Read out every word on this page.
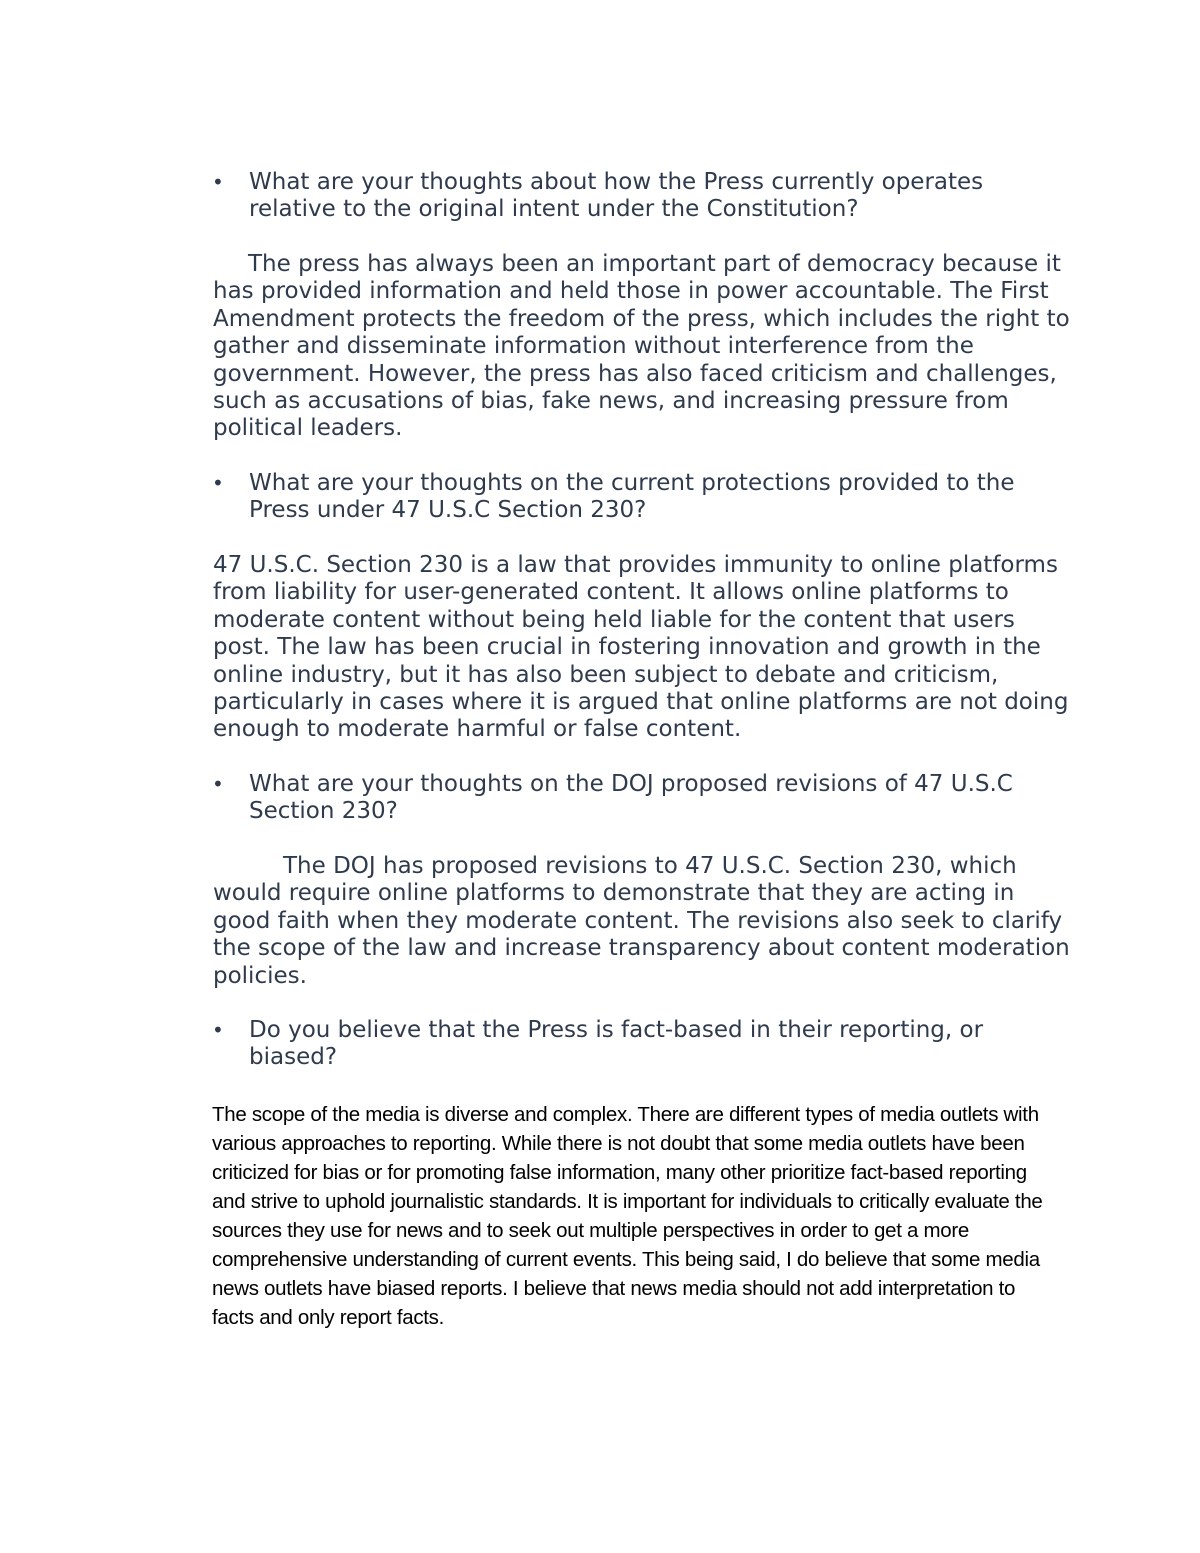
•	What are your thoughts about how the Press currently operates relative to the original intent under the Constitution?

The press has always been an important part of democracy because it has provided information and held those in power accountable. The First Amendment protects the freedom of the press, which includes the right to gather and disseminate information without interference from the government. However, the press has also faced criticism and challenges, such as accusations of bias, fake news, and increasing pressure from political leaders.

•	What are your thoughts on the current protections provided to the Press under 47 U.S.C Section 230?

47 U.S.C. Section 230 is a law that provides immunity to online platforms from liability for user-generated content. It allows online platforms to moderate content without being held liable for the content that users post. The law has been crucial in fostering innovation and growth in the online industry, but it has also been subject to debate and criticism, particularly in cases where it is argued that online platforms are not doing enough to moderate harmful or false content.

•	What are your thoughts on the DOJ proposed revisions of 47 U.S.C Section 230?

The DOJ has proposed revisions to 47 U.S.C. Section 230, which would require online platforms to demonstrate that they are acting in good faith when they moderate content. The revisions also seek to clarify the scope of the law and increase transparency about content moderation policies.

•	Do you believe that the Press is fact-based in their reporting, or biased?

The scope of the media is diverse and complex. There are different types of media outlets with various approaches to reporting. While there is not doubt that some media outlets have been criticized for bias or for promoting false information, many other prioritize fact-based reporting and strive to uphold journalistic standards. It is important for individuals to critically evaluate the sources they use for news and to seek out multiple perspectives in order to get a more comprehensive understanding of current events. This being said, I do believe that some media news outlets have biased reports. I believe that news media should not add interpretation to facts and only report facts.
